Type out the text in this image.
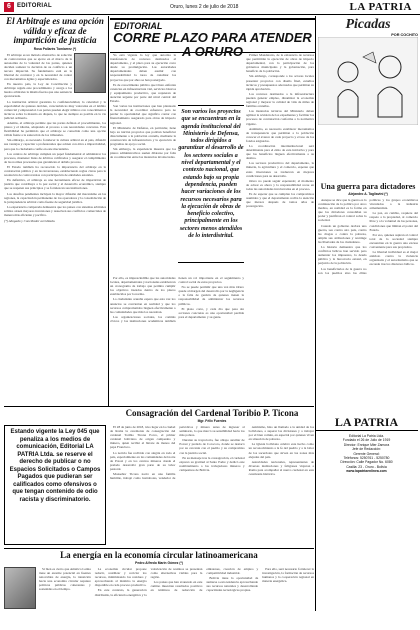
6	EDITORIAL	Oruro, lunes 2 de julio de 2018	LA PATRIA
El Arbitraje es una opción válida y eficaz de impartición de justicia
Rosa Pallarés Tomiarrez (*)

El arbitraje es un método alternativo de solución de controversias que se ejerce en el marco de la autonomía de la voluntad de las partes, quienes deciden someter la decisión de su conflicto a un tercero imparcial. Su fundamento está en la libertad de contratar y en la necesidad de contar con mecanismos ágiles y especializados.

En nuestro país, la Ley de Conciliación y Arbitraje regula este procedimiento y otorga a los laudos arbitrales la misma fuerza que una sentencia ejecutoriada.

La institución arbitral garantiza la confidencialidad, la celeridad y la especialidad de quienes deciden, características muy valoradas en el ámbito comercial y empresarial. Las partes pueden elegir árbitros con conocimientos técnicos sobre la materia en disputa, lo que no siempre es posible en la vía judicial ordinaria.

Además, el arbitraje permite que las partes definan el procedimiento, los plazos y el idioma, adaptando el proceso a sus necesidades concretas. Esta flexibilidad ha permitido que el arbitraje se consolide como una opción válida frente a la saturación de los tribunales.

Sin embargo, es necesario fortalecer la cultura arbitral en el país, difundir sus ventajas y capacitar a profesionales que actúen con ética e imparcialidad, para que la ciudadanía confíe en este mecanismo.

Los centros de arbitraje cumplen un papel fundamental al administrar los procesos, mantener listas de árbitros calificados y asegurar el cumplimiento de las normas procesales que garantizan el debido proceso.

El Estado también ha reconocido la importancia del arbitraje en la contratación pública y en las inversiones, estableciendo reglas claras para la resolución de controversias con participación de entidades estatales.

En definitiva, el arbitraje es una herramienta eficaz de impartición de justicia que contribuye a la paz social y al desarrollo económico, siempre que se respeten sus principios y se fortalezcan sus instituciones.

Los desafíos pendientes incluyen la mayor difusión del mecanismo en las regiones, la capacitación permanente de los operadores y la consolidación de la jurisprudencia arbitral como fuente de seguridad jurídica.

La experiencia comparada demuestra que los países con sistemas arbitrales sólidos atraen mayores inversiones y resuelven sus conflictos comerciales de manera más eficiente y pacífica.

(*) Abogado y Conciliador acreditado.
EDITORIAL
CORRE PLAZO PARA ATENDER A ORURO

Ya está vigente la ley que autoriza la transferencia de recursos destinados al departamento, y el plazo para su ejecución corre desde su promulgación. Las autoridades departamentales deben asumir con responsabilidad la tarea de canalizar los proyectos que por años se han postergado.

Es de conocimiento público que Oruro enfrenta carencias en infraestructura vial, servicios básicos y equipamiento productivo, que requieren de atención urgente por parte del nivel central del Estado.

Son varias las instituciones que han planteado la necesidad de coordinar esfuerzos para no perder la oportunidad que significa contar con financiamiento asegurado para obras de impacto regional.

El Ministerio de Defensa, en particular, tiene bajo su tuición proyectos que podrían beneficiar directamente a la población orureña, mediante la construcción de infraestructura y la ejecución de programas de apoyo social.

Sin embargo, la experiencia muestra que los plazos administrativos suelen dilatarse por falta de coordinación entre las instancias involucradas.

Son varios los proyectos que se encuentran en la agenda institucional del Ministerio de Defensa, todos dirigidos a garantizar el desarrollo de los sectores sociales a nivel departamental y el contexto nacional, que estando bajo su propia dependencia, pueden hacer variaciones de los recursos necesarios para la ejecución de obras de beneficio colectivo, principalmente en los sectores menos atendidos de lo interdistrital.

Por ello, es imprescindible que las autoridades locales, departamentales y nacionales establezcan un cronograma de trabajo que permita cumplir los objetivos trazados dentro de los plazos establecidos por la norma.

La ciudadanía orureña espera que esta vez los anuncios se conviertan en realidad y que los recursos comprometidos lleguen efectivamente a las comunidades que más los necesitan.

Las organizaciones sociales, los comités cívicos y las instituciones académicas también tienen un rol importante en el seguimiento y control social de estos proyectos.

No se puede permitir que una vez más Oruro quede al margen del desarrollo por la negligencia o la falta de gestión de quienes tienen la responsabilidad de administrar los recursos públicos.

El plazo corre, y cada día que pasa sin acciones concretas es una oportunidad perdida para el departamento y su gente.

Primer Mandatario, de la existencia de recursos que permitirán la ejecución de obras de impacto departamental, con la participación de los gobiernos municipales y la gobernación, para beneficio de la población.

Sin embargo, corresponde a los actores locales presentar proyectos con diseño final, estudios técnicos y presupuestos adecuados que permitan su rápida aprobación.

Los recursos destinados a la infraestructura pueden generar empleo, dinamizar la economía regional y mejorar la calidad de vida de miles de familias orureñas.

Las instancias técnicas del Ministerio deben agilizar la revisión de los expedientes y facilitar los procesos de contratación conforme a la normativa vigente.

Asimismo, es necesario establecer mecanismos de transparencia que permitan a la población conocer el avance de cada proyecto y el uso de los fondos asignados.

La coordinación interinstitucional será determinante para el éxito de esta iniciativa y para que los beneficios lleguen efectivamente a su destino.

Los sectores productivos del departamento, la minería, la agricultura y el comercio, esperan que estas inversiones se traduzcan en mejores condiciones para su desarrollo.

Oruro no puede seguir esperando; el momento de actuar es ahora y la responsabilidad recae en todas las autoridades involucradas en el proceso.

Es de esperar que se cumplan los compromisos asumidos y que el departamento reciba la atención que merece después de tantos años de postergación.

Picadas
POR COCHITO
Una guerra para dictadores
Alejandro A. Tagliavini (*)

Aunque se dice que la guerra es la continuación de la política por otros medios, en realidad es la forma en que los dictadores consolidan su poder y justifican el control sobre la sociedad.

Cuando un gobierno declara una guerra, sea contra otro país, contra las drogas o contra la pobreza, amplía sus atribuciones y restringe las libertades de los ciudadanos.

La historia demuestra que los conflictos bélicos han servido para aumentar los impuestos, la deuda pública y la burocracia estatal, en perjuicio de la población.

Los beneficiarios de la guerra no son los pueblos sino las élites políticas y los grupos económicos vinculados a la industria armamentista.

La paz, en cambio, requiere del respeto a la propiedad, al comercio libre y a la voluntad de las personas, condiciones que limitan el poder del Estado.

Por eso, quienes aspiran al control total de la sociedad siempre encuentran en la guerra una excusa conveniente para sus propósitos.

La libertad individual es el mejor antídoto contra la violencia organizada y el autoritarismo que se esconde tras los discursos bélicos.

Consagración del Cardenal Toribio P. Ticona
Mgr. Félix Fuentes

El 28 de junio de 2018, tuvo lugar en la ciudad de Roma la ceremonia de consagración del cardenal Toribio Ticona Porco, el primer cardenal boliviano de origen campesino y minero, quien recibió el birrete de manos del papa Francisco.

La noticia fue recibida con alegría en todo el país, especialmente en las comunidades del norte de Potosí y en los centros mineros donde el prelado desarrolló gran parte de su labor pastoral.

Monseñor Ticona nació en una familia humilde, trabajó como lustrabotas, vendedor de periódicos y minero antes de ingresar al seminario, lo que marcó su sensibilidad hacia los más pobres.

Durante su trayectoria, fue obispo auxiliar de Potosí y prelado de Corocoro, donde se destacó por su cercanía con el pueblo y su compromiso con la justicia social.

En su mensaje tras la consagración, el cardenal expresó su gratitud al Santo Padre y dedicó este nombramiento a los trabajadores mineros y campesinos de Bolivia.

Asimismo, hizo un llamado a la unidad de los bolivianos, a superar las divisiones y a trabajar por el bien común, en especial por quienes viven en situación de pobreza.

La Iglesia boliviana celebró este hecho como un reconocimiento a la fe del pueblo y a la labor de los sacerdotes que sirven en las zonas más alejadas del país.

Autoridades nacionales, representantes de diversas instituciones y feligreses viajaron a Roma para acompañar al nuevo cardenal en esta ceremonia histórica.

Estando vigente la Ley 045 que penaliza a los medios de comunicación, Editorial LA PATRIA Ltda. se reserve el derecho de publicar o no Espacios Solicitados o Campos Pagados que pudieran ser calificados como ofensivos o que tengan contenido de odio racista y discriminatorio.
La energía en la economía circular latinoamericana
Pedro Alfredo Marin Gómez (*)

Si bien es cierto que América Latina tiene un enorme potencial en fuentes renovables de energía, la transición hacia una economía circular requiere políticas públicas coherentes y sostenidas en el tiempo.

La economía circular propone reducir, reutilizar y reciclar los recursos, minimizando los residuos y aprovechando al máximo la energía disponible en cada proceso productivo.

En este contexto, la generación distribuida, la eficiencia energética y la valorización de residuos se presentan como alternativas viables para la región.

Los países que han avanzado en este camino muestran resultados positivos en términos de reducción de emisiones, creación de empleo y competitividad industrial.

Bolivia tiene la oportunidad de sumarse a esta tendencia aprovechando sus recursos naturales y desarrollando capacidades tecnológicas propias.

Para ello, será necesario fortalecer la investigación, la formación de recursos humanos y la cooperación regional en materia energética.

LA PATRIA
Editorial La Patria Ltda.
Fundado el 26 de Julio de 1919
Director: Enrique Mier Zamora
Jefe de Redacción:
Gerente General:
Teléfonos: 5250761 - 5250780
Dirección: Calle Pagador No. 6080
Casilla: 23 - Oruro - Bolivia
www.lapatriaenlinea.com
